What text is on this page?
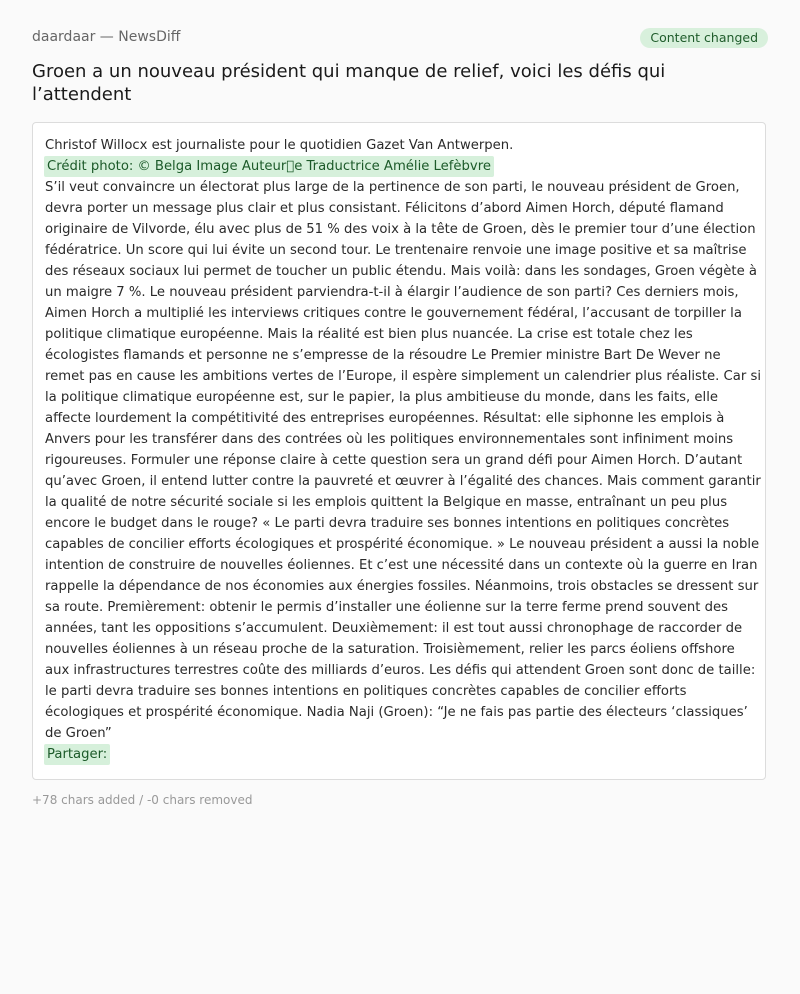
daardaar — NewsDiff	Content changed
Groen a un nouveau président qui manque de relief, voici les défis qui l’attendent
Christof Willocx est journaliste pour le quotidien Gazet Van Antwerpen.
Crédit photo: © Belga Image Auteur e Traductrice Amélie Lefèbvre
S’il veut convaincre un électorat plus large de la pertinence de son parti, le nouveau président de Groen,
devra porter un message plus clair et plus consistant. Félicitons d’abord Aimen Horch, député flamand
originaire de Vilvorde, élu avec plus de 51 % des voix à la tête de Groen, dès le premier tour d’une élection
fédératrice. Un score qui lui évite un second tour. Le trentenaire renvoie une image positive et sa maîtrise
des réseaux sociaux lui permet de toucher un public étendu. Mais voilà: dans les sondages, Groen végète à
un maigre 7 %. Le nouveau président parviendra-t-il à élargir l’audience de son parti? Ces derniers mois,
Aimen Horch a multiplié les interviews critiques contre le gouvernement fédéral, l’accusant de torpiller la
politique climatique européenne. Mais la réalité est bien plus nuancée. La crise est totale chez les
écologistes flamands et personne ne s’empresse de la résoudre Le Premier ministre Bart De Wever ne
remet pas en cause les ambitions vertes de l’Europe, il espère simplement un calendrier plus réaliste. Car si
la politique climatique européenne est, sur le papier, la plus ambitieuse du monde, dans les faits, elle
affecte lourdement la compétitivité des entreprises européennes. Résultat: elle siphonne les emplois à
Anvers pour les transférer dans des contrées où les politiques environnementales sont infiniment moins
rigoureuses. Formuler une réponse claire à cette question sera un grand défi pour Aimen Horch. D’autant
qu’avec Groen, il entend lutter contre la pauvreté et œuvrer à l’égalité des chances. Mais comment garantir
la qualité de notre sécurité sociale si les emplois quittent la Belgique en masse, entraînant un peu plus
encore le budget dans le rouge? « Le parti devra traduire ses bonnes intentions en politiques concrètes
capables de concilier efforts écologiques et prospérité économique. » Le nouveau président a aussi la noble
intention de construire de nouvelles éoliennes. Et c’est une nécessité dans un contexte où la guerre en Iran
rappelle la dépendance de nos économies aux énergies fossiles. Néanmoins, trois obstacles se dressent sur
sa route. Premièrement: obtenir le permis d’installer une éolienne sur la terre ferme prend souvent des
années, tant les oppositions s’accumulent. Deuxièmement: il est tout aussi chronophage de raccorder de
nouvelles éoliennes à un réseau proche de la saturation. Troisièmement, relier les parcs éoliens offshore
aux infrastructures terrestres coûte des milliards d’euros. Les défis qui attendent Groen sont donc de taille:
le parti devra traduire ses bonnes intentions en politiques concrètes capables de concilier efforts
écologiques et prospérité économique. Nadia Naji (Groen): “Je ne fais pas partie des électeurs ‘classiques’
de Groen”
Partager:
+78 chars added / -0 chars removed
